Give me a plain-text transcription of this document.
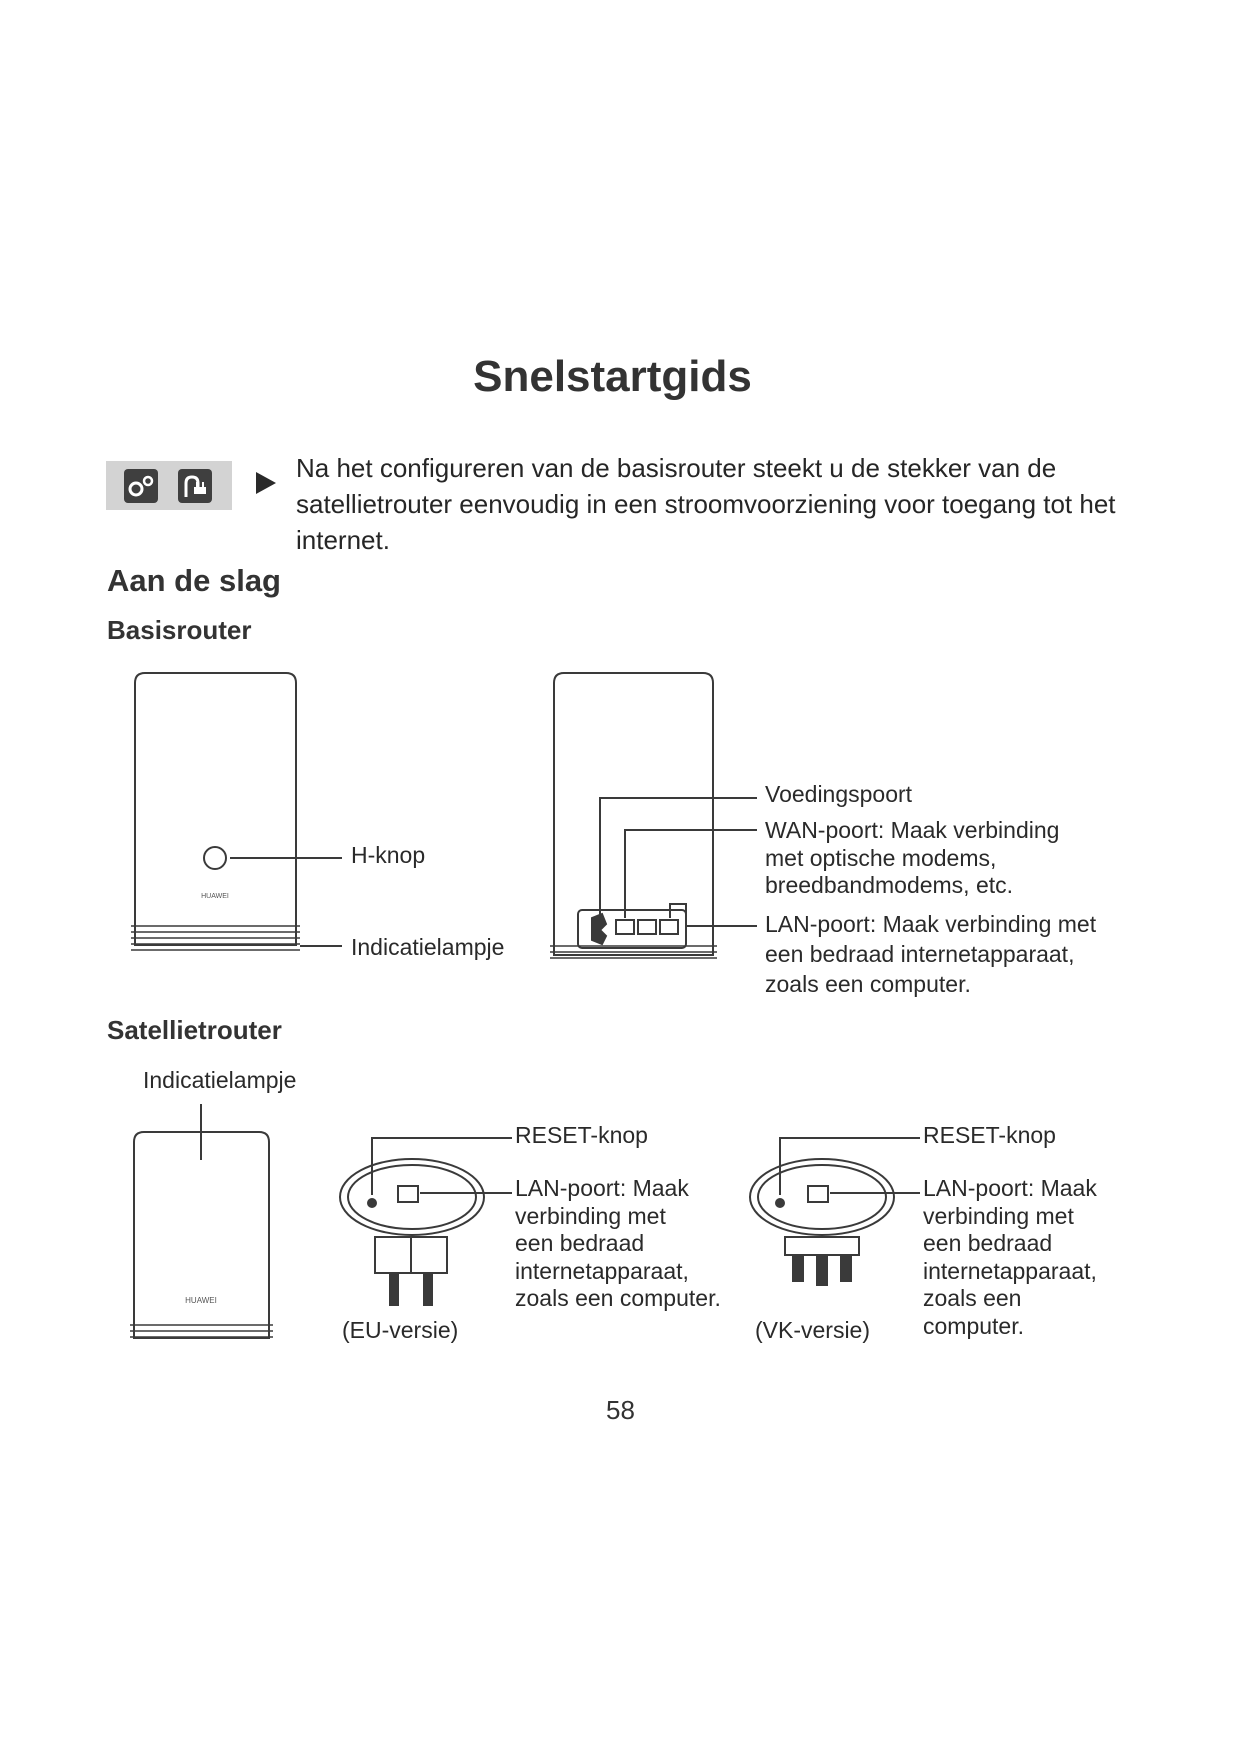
Snelstartgids
Na het configureren van de basisrouter steekt u de stekker van de satellietrouter eenvoudig in een stroomvoorziening voor toegang tot het internet.
Aan de slag
Basisrouter
Satellietrouter
HUAWEI
HUAWEI
H-knop
Indicatielampje
Voedingspoort
WAN-poort: Maak verbinding
met optische modems,
breedbandmodems, etc.
LAN-poort: Maak verbinding met
een bedraad internetapparaat,
zoals een computer.
Indicatielampje
RESET-knop
LAN-poort: Maak
verbinding met
een bedraad
internetapparaat,
zoals een computer.
(EU-versie)
RESET-knop
LAN-poort: Maak
verbinding met
een bedraad
internetapparaat,
zoals een
computer.
(VK-versie)
58
